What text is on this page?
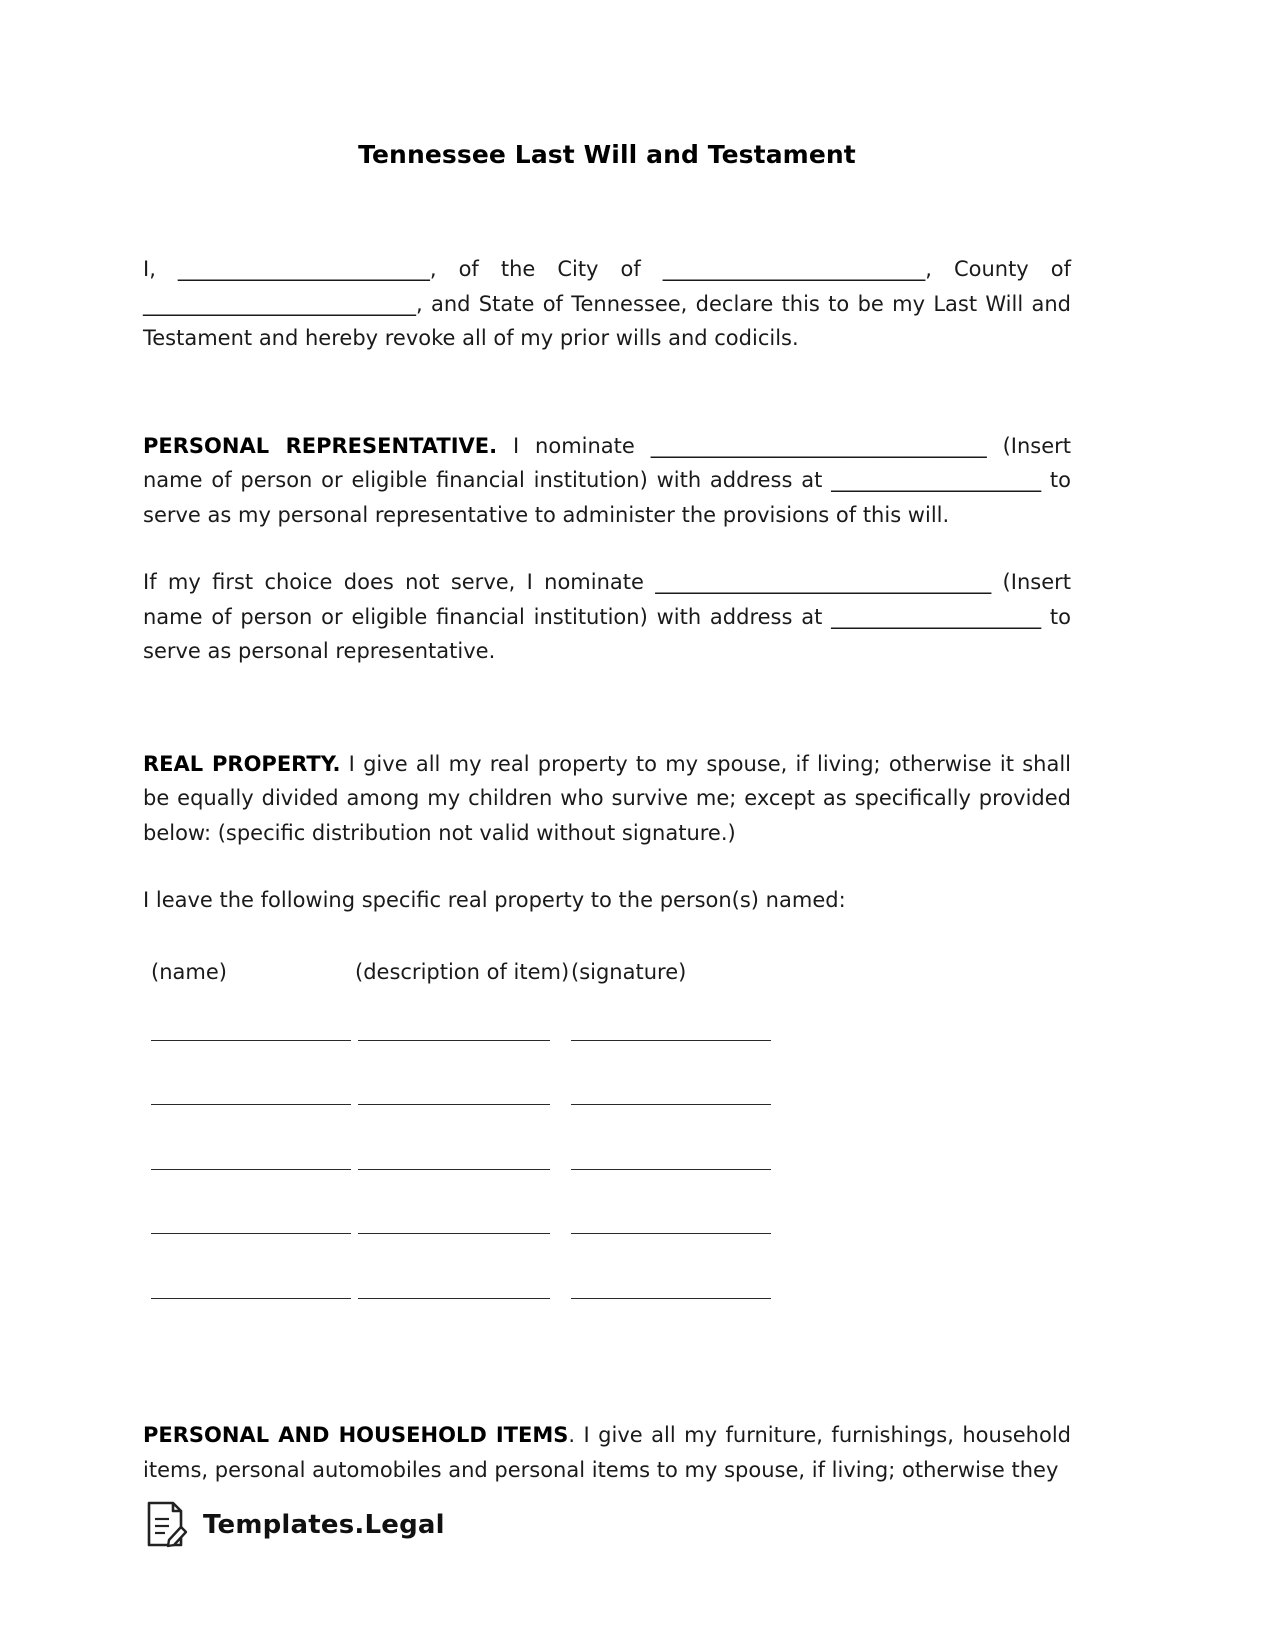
Tennessee Last Will and Testament

I, ________________________, of the City of _________________________, County of __________________________, and State of Tennessee, declare this to be my Last Will and Testament and hereby revoke all of my prior wills and codicils.

PERSONAL REPRESENTATIVE. I nominate ________________________________ (Insert name of person or eligible financial institution) with address at ____________________ to serve as my personal representative to administer the provisions of this will.

If my first choice does not serve, I nominate ________________________________ (Insert name of person or eligible financial institution) with address at ____________________ to serve as personal representative.

REAL PROPERTY. I give all my real property to my spouse, if living; otherwise it shall be equally divided among my children who survive me; except as specifically provided below: (specific distribution not valid without signature.)

I leave the following specific real property to the person(s) named:

(name)	(description of item) (signature)

PERSONAL AND HOUSEHOLD ITEMS. I give all my furniture, furnishings, household items, personal automobiles and personal items to my spouse, if living; otherwise they

Templates.Legal
